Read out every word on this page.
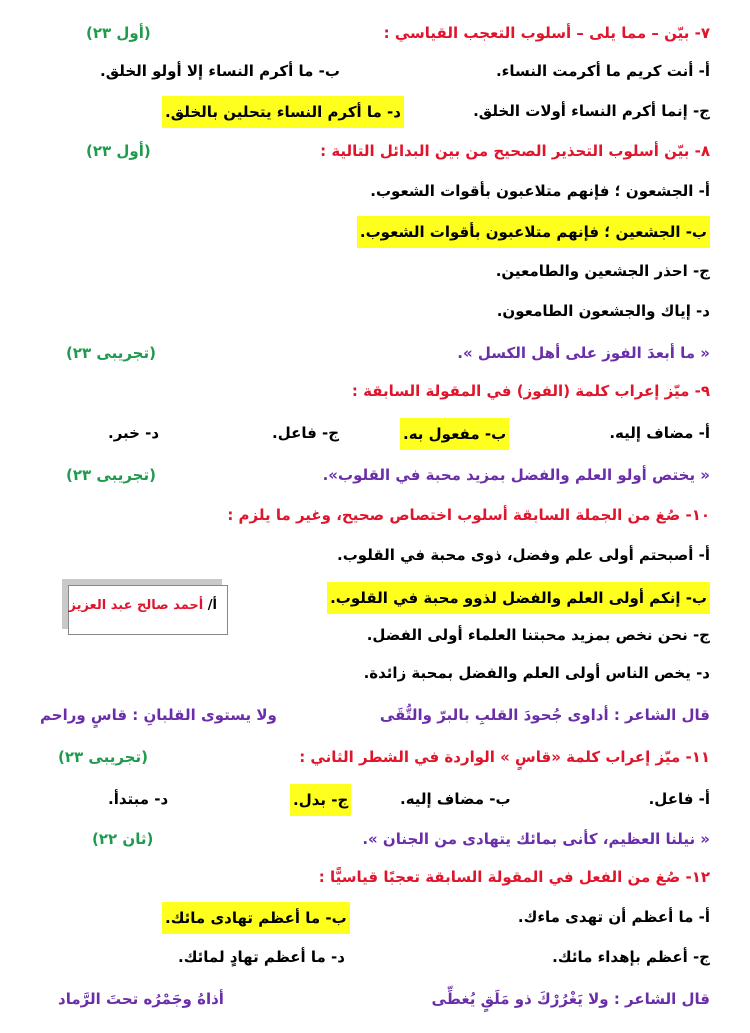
٧- بيّن – مما يلى – أسلوب التعجب القياسي :
(أول ٢٣)
أ- أنت كريم ما أكرمت النساء.
ب- ما أكرم النساء إلا أولو الخلق.
ج- إنما أكرم النساء أولات الخلق.
د- ما أكرم النساء يتحلين بالخلق.
٨- بيّن أسلوب التحذير الصحيح من بين البدائل التالية :
(أول ٢٣)
أ- الجشعون ؛ فإنهم متلاعبون بأقوات الشعوب.
ب- الجشعين ؛ فإنهم متلاعبون بأقوات الشعوب.
ج- احذر الجشعين والطامعين.
د- إياك والجشعون الطامعون.
« ما أبعدَ الفوز على أهل الكسل ».
(تجريبى ٢٣)
٩- ميّز إعراب كلمة (الفوز) في المقولة السابقة :
أ- مضاف إليه.
ب- مفعول به.
ج- فاعل.
د- خبر.
« يختص أولو العلم والفضل بمزيد محبة في القلوب».
(تجريبى ٢٣)
١٠- صُغ من الجملة السابقة أسلوب اختصاص صحيح، وغير ما يلزم :
أ- أصبحتم أولى علم وفضل، ذوى محبة في القلوب.
ب- إنكم أولى العلم والفضل لذوو محبة في القلوب.
ج- نحن نخص بمزيد محبتنا العلماء أولى الفضل.
د- يخص الناس أولى العلم والفضل بمحبة زائدة.
أ/ أحمد صالح عبد العزيز
قال الشاعر : أداوى جُحودَ القلبِ بالبرّ والتُّقَى
ولا يستوى القلبانِ : قاسٍ وراحم
١١- ميّز إعراب كلمة «قاسٍ » الواردة في الشطر الثاني :
(تجريبى ٢٣)
أ- فاعل.
ب- مضاف إليه.
ج- بدل.
د- مبتدأ.
« نيلنا العظيم، كأنى بمائك يتهادى من الجنان ».
(ثان ٢٢)
١٢- صُغ من الفعل في المقولة السابقة تعجبًا قياسيًّا :
أ- ما أعظم أن تهدى ماءك.
ب- ما أعظم تهادى مائك.
ج- أعظم بإهداء مائك.
د- ما أعظم تهادٍ لمائك.
قال الشاعر : ولا يَغْرُرْكَ ذو مَلَقٍ يُغطِّى
أذاهُ وجَمْرُه تحتَ الرَّماد
